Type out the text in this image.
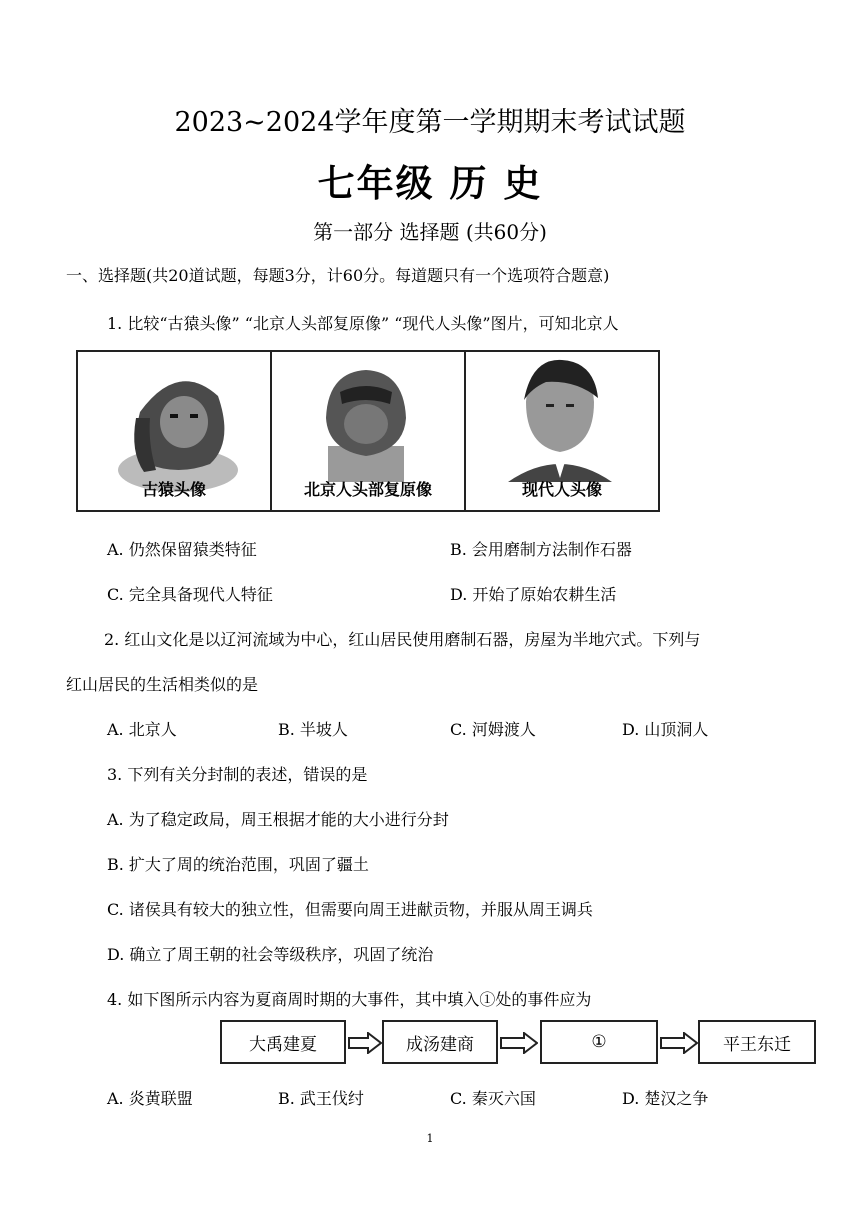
2023~2024学年度第一学期期末考试试题
七年级 历 史
第一部分 选择题 (共60分)
一、选择题(共20道试题，每题3分，计60分。每道题只有一个选项符合题意)
1. 比较“古猿头像” “北京人头部复原像” “现代人头像”图片，可知北京人
古猿头像	北京人头部复原像	现代人头像
A. 仍然保留猿类特征	B. 会用磨制方法制作石器
C. 完全具备现代人特征	D. 开始了原始农耕生活
2. 红山文化是以辽河流域为中心，红山居民使用磨制石器，房屋为半地穴式。下列与
红山居民的生活相类似的是
A. 北京人	B. 半坡人	C. 河姆渡人	D. 山顶洞人
3. 下列有关分封制的表述，错误的是
A. 为了稳定政局，周王根据才能的大小进行分封
B. 扩大了周的统治范围，巩固了疆土
C. 诸侯具有较大的独立性，但需要向周王进献贡物，并服从周王调兵
D. 确立了周王朝的社会等级秩序，巩固了统治
4. 如下图所示内容为夏商周时期的大事件，其中填入①处的事件应为
大禹建夏	成汤建商	①	平王东迁
A. 炎黄联盟	B. 武王伐纣	C. 秦灭六国	D. 楚汉之争
1
